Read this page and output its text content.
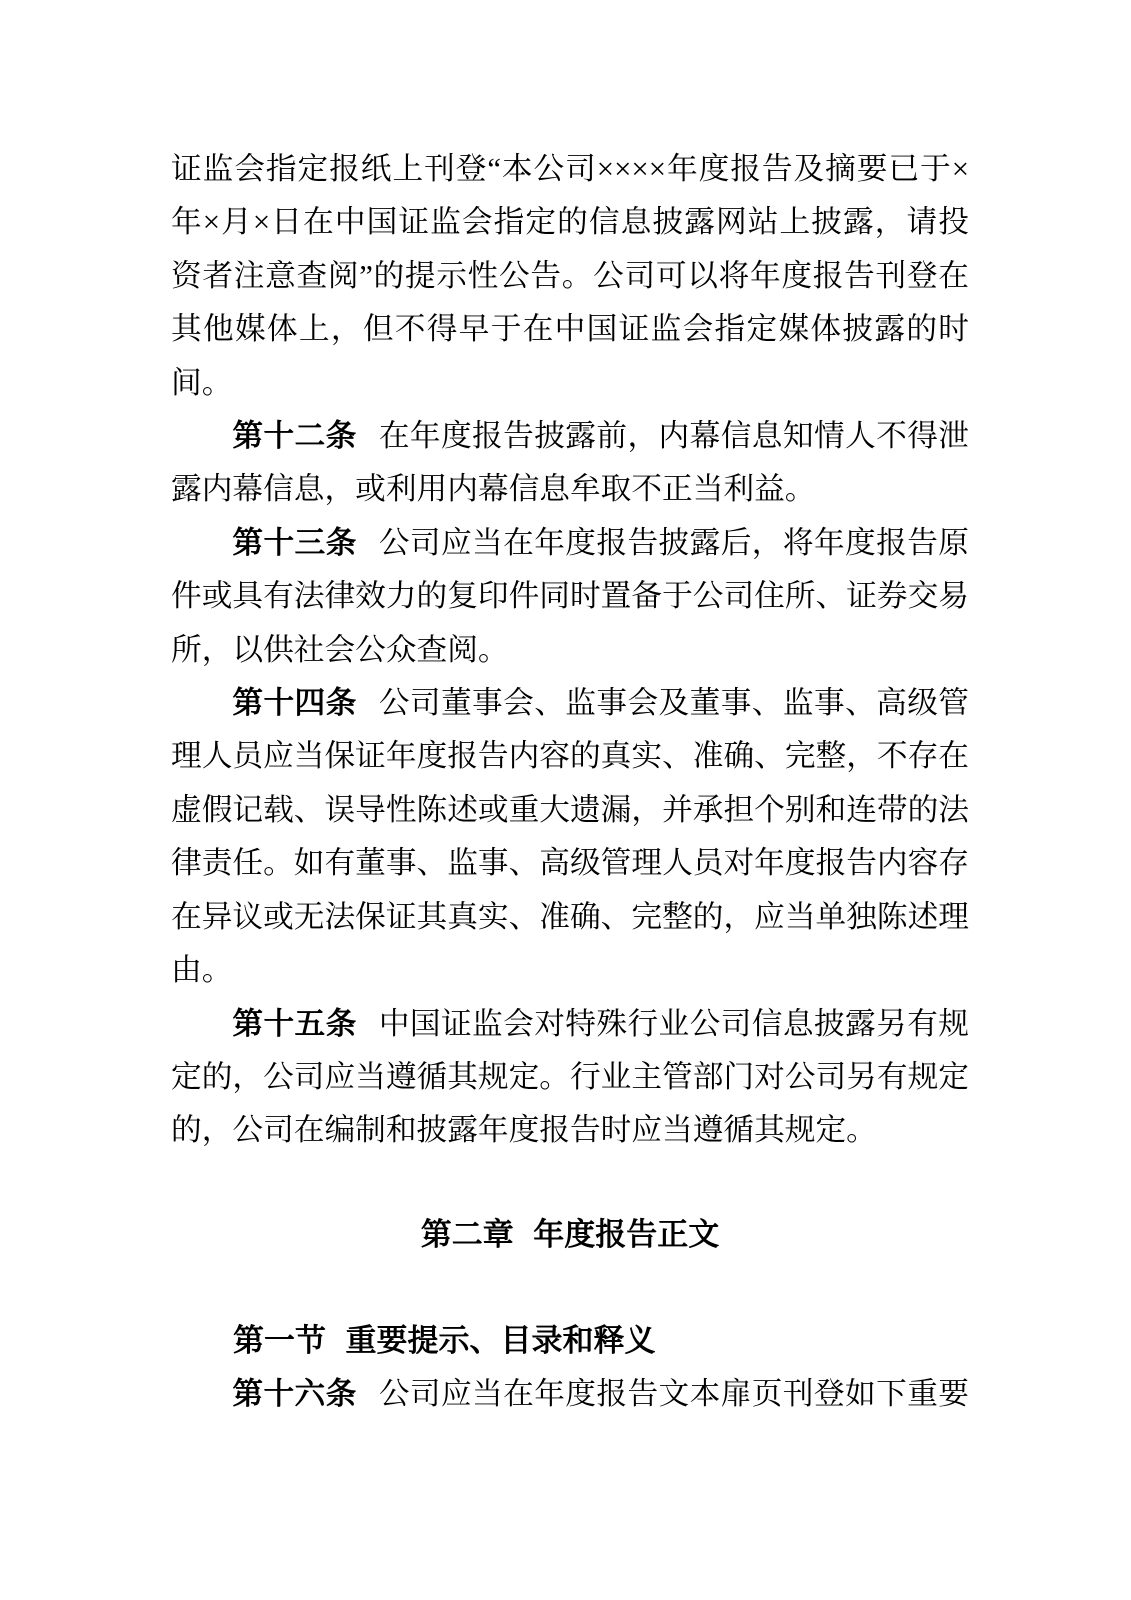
证监会指定报纸上刊登“本公司××××年度报告及摘要已于×年×月×日在中国证监会指定的信息披露网站上披露，请投资者注意查阅”的提示性公告。公司可以将年度报告刊登在其他媒体上，但不得早于在中国证监会指定媒体披露的时间。

第十二条 在年度报告披露前，内幕信息知情人不得泄露内幕信息，或利用内幕信息牟取不正当利益。

第十三条 公司应当在年度报告披露后，将年度报告原件或具有法律效力的复印件同时置备于公司住所、证券交易所，以供社会公众查阅。

第十四条 公司董事会、监事会及董事、监事、高级管理人员应当保证年度报告内容的真实、准确、完整，不存在虚假记载、误导性陈述或重大遗漏，并承担个别和连带的法律责任。如有董事、监事、高级管理人员对年度报告内容存在异议或无法保证其真实、准确、完整的，应当单独陈述理由。

第十五条 中国证监会对特殊行业公司信息披露另有规定的，公司应当遵循其规定。行业主管部门对公司另有规定的，公司在编制和披露年度报告时应当遵循其规定。

第二章 年度报告正文
第一节 重要提示、目录和释义

第十六条 公司应当在年度报告文本扉页刊登如下重要
